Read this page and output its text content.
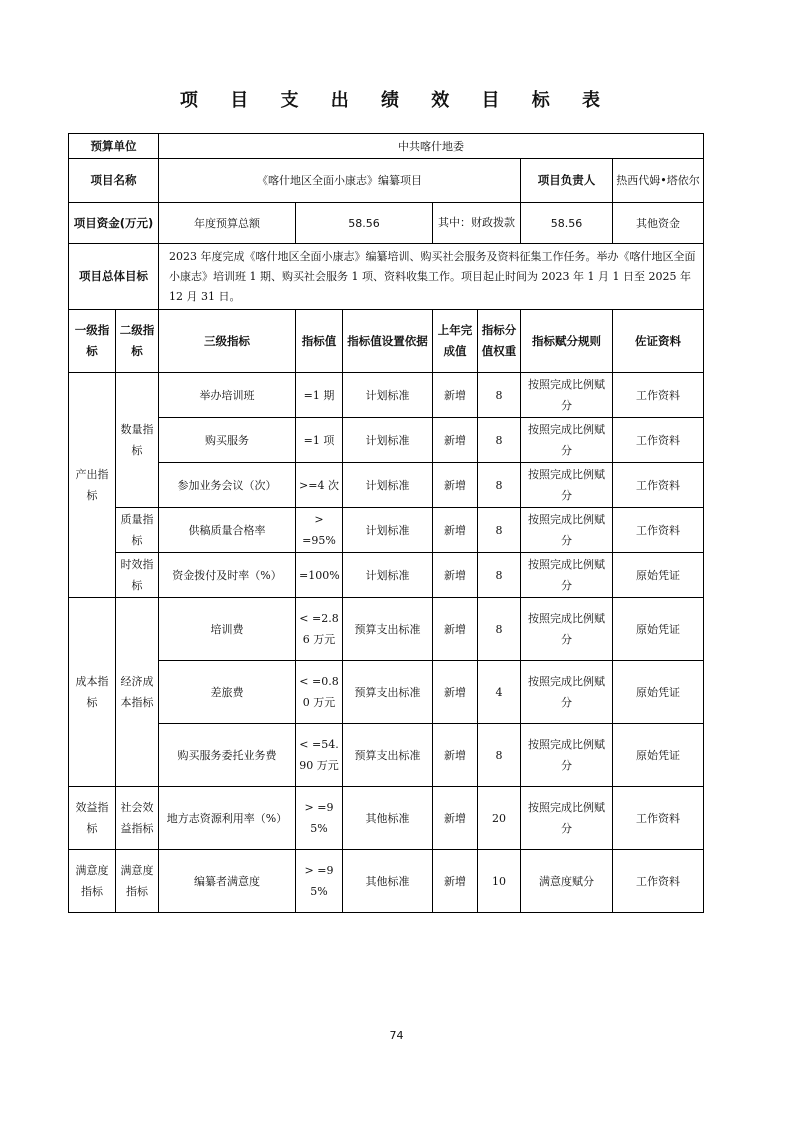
项 目 支 出 绩 效 目 标 表
预算单位		中共喀什地委							
项目名称		《喀什地区全面小康志》编纂项目					项目负责人	热西代姆•塔依尔	
项目资金(万元)		年度预算总额	58.56		其中：财政拨款		58.56	其他资金	
项目总体目标		2023 年度完成《喀什地区全面小康志》编纂培训、购买社会服务及资料征集工作任务。举办《喀什地区全面小康志》培训班 1 期、购买社会服务 1 项、资料收集工作。项目起止时间为 2023 年 1 月 1 日至 2025 年 12 月 31 日。							
一级指标	二级指标	三级指标	指标值	指标值设置依据	上年完成值	指标分值权重	指标赋分规则	佐证资料	
产出指标	数量指标	举办培训班	=1 期	计划标准	新增	8	按照完成比例赋分	工作资料	
		购买服务	=1 项	计划标准	新增	8	按照完成比例赋分	工作资料	
		参加业务会议（次）	>=4 次	计划标准	新增	8	按照完成比例赋分	工作资料	
	质量指标	供稿质量合格率	> =95%	计划标准	新增	8	按照完成比例赋分	工作资料	
	时效指标	资金拨付及时率（%）	=100%	计划标准	新增	8	按照完成比例赋分	原始凭证	
成本指标	经济成本指标	培训费	< =2.86 万元	预算支出标准	新增	8	按照完成比例赋分	原始凭证	
		差旅费	< =0.80 万元	预算支出标准	新增	4	按照完成比例赋分	原始凭证	
		购买服务委托业务费	< =54.90 万元	预算支出标准	新增	8	按照完成比例赋分	原始凭证	
效益指标	社会效益指标	地方志资源利用率（%）	> =95%	其他标准	新增	20	按照完成比例赋分	工作资料	
满意度指标	满意度指标	编纂者满意度	> =95%	其他标准	新增	10	满意度赋分	工作资料	
74
